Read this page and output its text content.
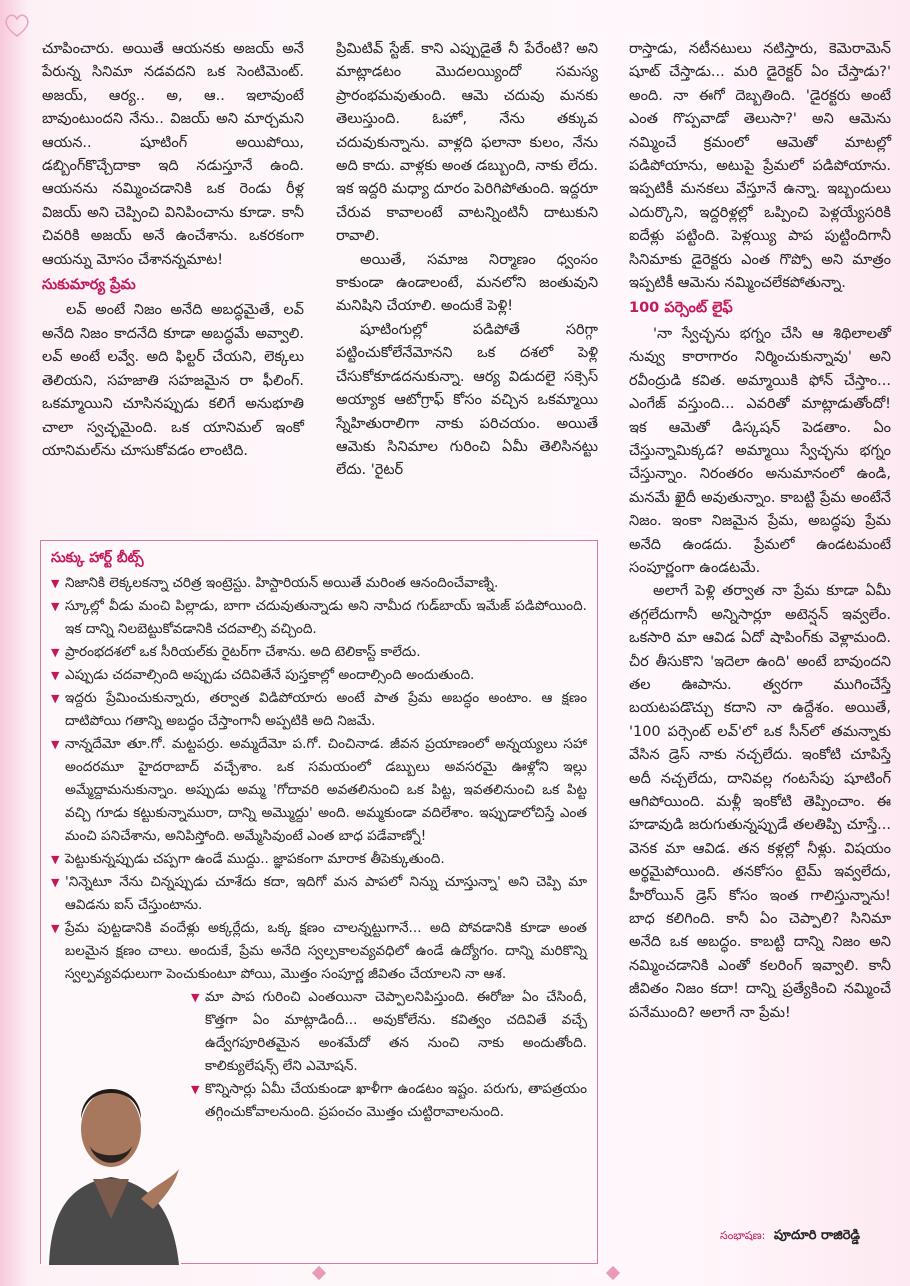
చూపించారు. అయితే ఆయనకు అజయ్ అనే పేరున్న సినిమా నడవదని ఒక సెంటిమెంట్. అజయ్, ఆర్య.. అ, ఆ.. ఇలావుంటే బావుంటుందని నేను.. విజయ్ అని మార్చమని ఆయన.. షూటింగ్ అయిపోయి, డబ్బింగ్‌కొచ్చేదాకా ఇది నడుస్తూనే ఉంది. ఆయనను నమ్మించడానికి ఒక రెండు రీళ్ల విజయ్ అని చెప్పించి వినిపించాను కూడా. కానీ చివరికి అజయ్ అనే ఉంచేశాను. ఒకరకంగా ఆయన్ను మోసం చేశానన్నమాట!

సుకుమార్య ప్రేమ

లవ్ అంటే నిజం అనేది అబద్ధమైతే, లవ్ అనేది నిజం కాదనేది కూడా అబద్ధమే అవ్వాలి. లవ్ అంటే లవ్వే. అది ఫిల్టర్ చేయని, లెక్కలు తెలియని, సహజాతి సహజమైన రా ఫీలింగ్. ఒకమ్మాయిని చూసినప్పుడు కలిగే అనుభూతి చాలా స్వచ్ఛమైంది. ఒక యానిమల్ ఇంకో యానిమల్‌ను చూసుకోవడం లాంటిది.

ప్రిమిటివ్ స్టేజ్. కాని ఎప్పుడైతే నీ పేరేంటి? అని మాట్లాడటం మొదలయ్యిందో సమస్య ప్రారంభమవుతుంది. ఆమె చదువు మనకు తెలుస్తుంది. ఓహో, నేను తక్కువ చదువుకున్నాను. వాళ్లది ఫలానా కులం, నేను అది కాదు. వాళ్లకు అంత డబ్బుంది, నాకు లేదు. ఇక ఇద్దరి మధ్యా దూరం పెరిగిపోతుంది. ఇద్దరూ చేరువ కావాలంటే వాటన్నింటినీ దాటుకుని రావాలి.

అయితే, సమాజ నిర్మాణం ధ్వంసం కాకుండా ఉండాలంటే, మనలోని జంతువుని మనిషిని చేయాలి. అందుకే పెళ్లి!

షూటింగుల్లో పడిపోతే సరిగ్గా పట్టించుకోలేనేమోనని ఒక దశలో పెళ్లి చేసుకోకూడదనుకున్నా. ఆర్య విడుదలై సక్సెస్ అయ్యాక ఆటోగ్రాఫ్ కోసం వచ్చిన ఒకమ్మాయి స్నేహితురాలిగా నాకు పరిచయం. అయితే ఆమెకు సినిమాల గురించి ఏమీ తెలిసినట్టు లేదు. 'రైటర్

రాస్తాడు, నటీనటులు నటిస్తారు, కెమెరామెన్ షూట్ చేస్తాడు... మరి డైరెక్టర్ ఏం చేస్తాడు?' అంది. నా ఈగో దెబ్బతింది. 'డైరక్టరు అంటే ఎంత గొప్పవాడో తెలుసా?' అని ఆమెను నమ్మించే క్రమంలో ఆమెతో మాటల్లో పడిపోయాను, అటుపై ప్రేమలో పడిపోయాను. ఇప్పటికీ మనకలు వేస్తూనే ఉన్నా. ఇబ్బందులు ఎదుర్కొని, ఇద్దరిళ్లల్లో ఒప్పించి పెళ్లయ్యేసరికి ఐదేళ్లు పట్టింది. పెళ్లయ్యి పాప పుట్టిందిగానీ సినిమాకు డైరెక్టరు ఎంత గొప్పో అని మాత్రం ఇప్పటికీ ఆమెను నమ్మించలేకపోతున్నా.

100 పర్సెంట్ లైఫ్

'నా స్వేచ్ఛను భగ్నం చేసి ఆ శిథిలాలతో నువ్వు కారాగారం నిర్మించుకున్నావు' అని రవీంద్రుడి కవిత. అమ్మాయికి ఫోన్ చేస్తాం... ఎంగేజ్ వస్తుంది... ఎవరితో మాట్లాడుతోందో! ఇక ఆమెతో డిస్కషన్ పెడతాం. ఏం చేస్తున్నామిక్కడ? అమ్మాయి స్వేచ్ఛను భగ్నం చేస్తున్నాం. నిరంతరం అనుమానంలో ఉండి, మనమే ఖైదీ అవుతున్నాం. కాబట్టి ప్రేమ అంటేనే నిజం. ఇంకా నిజమైన ప్రేమ, అబద్ధపు ప్రేమ అనేది ఉండదు. ప్రేమలో ఉండటమంటే సంపూర్ణంగా ఉండటమే.

అలాగే పెళ్లి తర్వాత నా ప్రేమ కూడా ఏమీ తగ్గలేదుగానీ అన్నిసార్లూ అటెన్షన్ ఇవ్వలేం. ఒకసారి మా ఆవిడ ఏదో షాపింగ్‌కు వెళ్లామంది. చీర తీసుకొని 'ఇదెలా ఉంది' అంటే బావుందని తల ఊపాను. త్వరగా ముగించేస్తే బయటపడొచ్చు కదాని నా ఉద్దేశం. అయితే, '100 పర్సెంట్ లవ్'లో ఒక సీన్‌లో తమన్నాకు వేసిన డ్రెస్ నాకు నచ్చలేదు. ఇంకోటి చూపిస్తే అదీ నచ్చలేదు, దానివల్ల గంటసేపు షూటింగ్ ఆగిపోయింది. మళ్లీ ఇంకోటి తెప్పించాం. ఈ హడావుడి జరుగుతున్నప్పుడే తలతిప్పి చూస్తే... వెనక మా ఆవిడ. తన కళ్లల్లో నీళ్లు. విషయం అర్థమైపోయింది. తనకోసం టైమ్ ఇవ్వలేదు, హీరోయిన్ డ్రెస్ కోసం ఇంత గాలిస్తున్నాను! బాధ కలిగింది. కానీ ఏం చెప్పాలి? సినిమా అనేది ఒక అబద్ధం. కాబట్టి దాన్ని నిజం అని నమ్మించడానికి ఎంతో కలరింగ్ ఇవ్వాలి. కానీ జీవితం నిజం కదా! దాన్ని ప్రత్యేకించి నమ్మించే పనేముంది? అలాగే నా ప్రేమ!

సుక్కు హార్ట్ బీట్స్
▼ నిజానికి లెక్కలకన్నా చరిత్ర ఇంట్రెస్టు. హిస్టారియన్ అయితే మరింత ఆనందించేవాణ్ని.
▼ స్కూల్లో వీడు మంచి పిల్లాడు, బాగా చదువుతున్నాడు అని నామీద గుడ్‌బాయ్ ఇమేజ్ పడిపోయింది. ఇక దాన్ని నిలబెట్టుకోవడానికి చదవాల్సి వచ్చింది.
▼ ప్రారంభదశలో ఒక సీరియల్‌కు రైటర్‌గా చేశాను. అది టెలికాస్ట్ కాలేదు.
▼ ఎప్పుడు చదవాల్సింది అప్పుడు చదివితేనే పుస్తకాల్లో అందాల్సింది అందుతుంది.
▼ ఇద్దరు ప్రేమించుకున్నారు, తర్వాత విడిపోయారు అంటే పాత ప్రేమ అబద్ధం అంటాం. ఆ క్షణం దాటిపోయి గతాన్ని అబద్ధం చేస్తాంగానీ అప్పటికి అది నిజమే.
▼ నాన్నదేమో తూ.గో. మట్టపర్రు. అమ్మదేమో ప.గో. చించినాడ. జీవన ప్రయాణంలో అన్నయ్యలు సహా అందరమూ హైదరాబాద్ వచ్చేశాం. ఒక సమయంలో డబ్బులు అవసరమై ఊళ్లోని ఇల్లు అమ్మేద్దామనుకున్నాం. అప్పుడు అమ్మ 'గోదావరి అవతలినుంచి ఒక పిట్ట, ఇవతలినుంచి ఒక పిట్ట వచ్చి గూడు కట్టుకున్నామురా, దాన్ని అమ్మొద్దు' అంది. అమ్మకుండా వదిలేశాం. ఇప్పుడాలోచిస్తే ఎంత మంచి పనిచేశాను, అనిపిస్తోంది. అమ్మేసివుంటే ఎంత బాధ పడేవాణ్నో!
▼ పెట్టుకున్నప్పుడు చప్పగా ఉండే ముద్దు.. జ్ఞాపకంగా మారాక తీపెక్కుతుంది.
▼ 'నిన్నెటూ నేను చిన్నప్పుడు చూశేదు కదా, ఇదిగో మన పాపలో నిన్ను చూస్తున్నా' అని చెప్పి మా ఆవిడను ఐస్ చేస్తుంటాను.
▼ ప్రేమ పుట్టడానికి వందేళ్లు అక్కర్లేదు, ఒక్క క్షణం చాలన్నట్టుగానే... అది పోవడానికి కూడా అంత బలమైన క్షణం చాలు. అందుకే, ప్రేమ అనేది స్వల్పకాలవ్యవధిలో ఉండే ఉద్యోగం. దాన్ని మరికొన్ని స్వల్పవ్యవధులుగా పెంచుకుంటూ పోయి, మొత్తం సంపూర్ణ జీవితం చేయాలని నా ఆశ.
▼ మా పాప గురించి ఎంతయినా చెప్పాలనిపిస్తుంది. ఈరోజు ఏం చేసిందీ, కొత్తగా ఏం మాట్లాడిందీ... అవుకోలేను. కవిత్వం చదివితే వచ్చే ఉద్వేగపూరితమైన అంశమేదో తన నుంచి నాకు అందుతోంది. కాలిక్యులేషన్స్ లేని ఎమోషన్.
▼ కొన్నిసార్లు ఏమీ చేయకుండా ఖాళీగా ఉండటం ఇష్టం. పరుగు, తాపత్రయం తగ్గించుకోవాలనుంది. ప్రపంచం మొత్తం చుట్టిరావాలనుంది.
సంభాషణ: పూదూరి రాజిరెడ్డి
